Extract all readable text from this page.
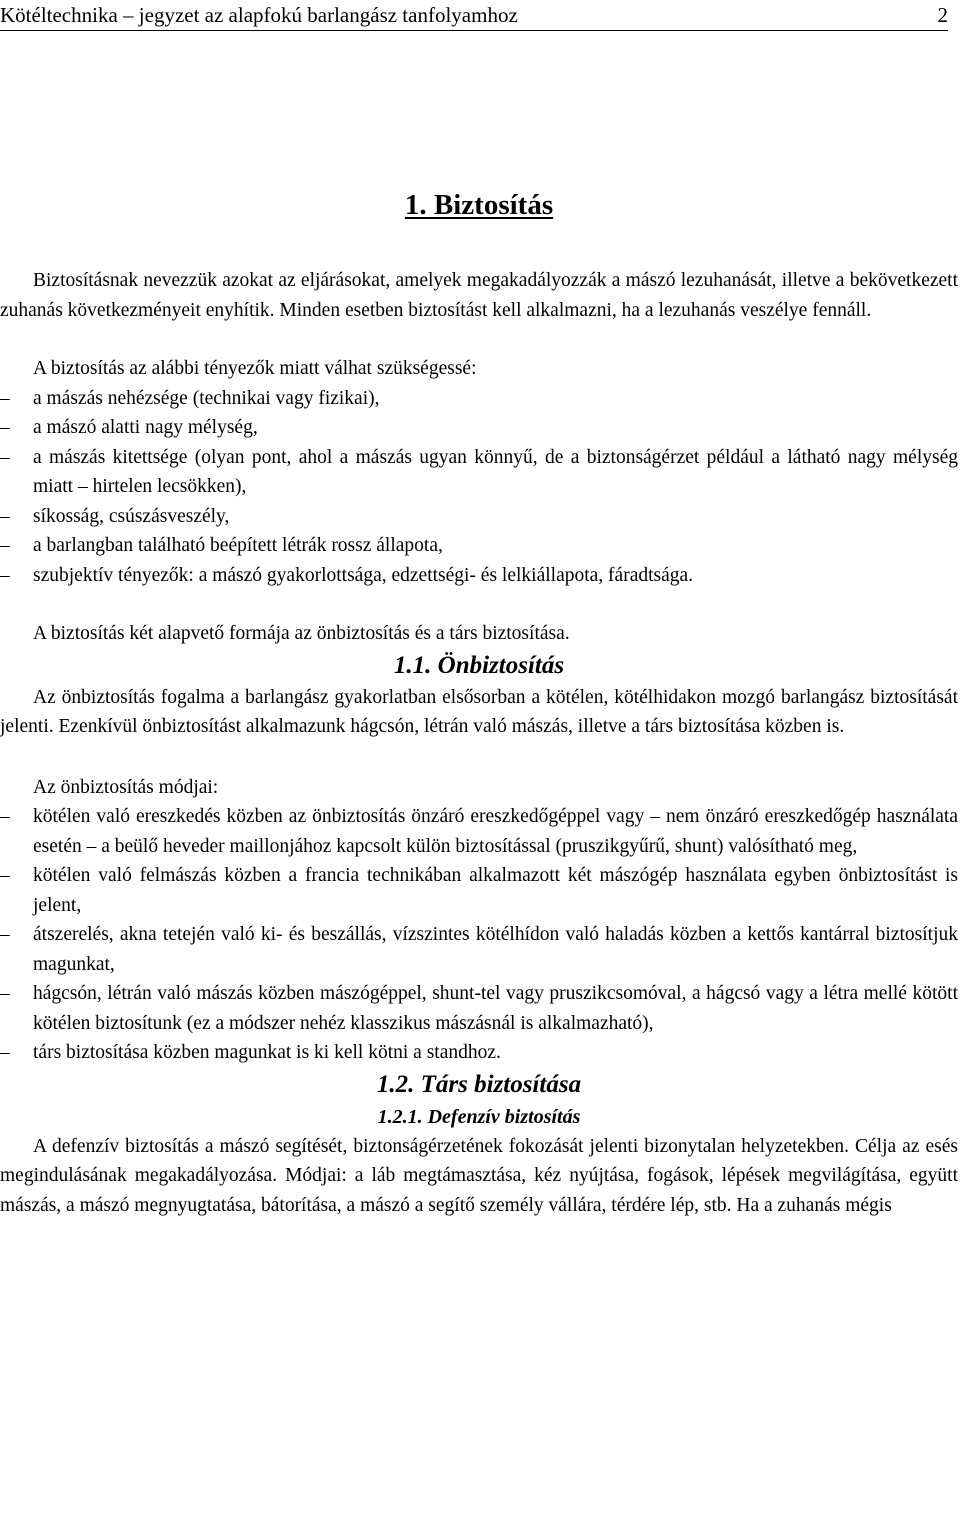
Kötéltechnika – jegyzet az alapfokú barlangász tanfolyamhoz	2
1. Biztosítás

Biztosításnak nevezzük azokat az eljárásokat, amelyek megakadályozzák a mászó lezuhanását, illetve a bekövetkezett zuhanás következményeit enyhítik. Minden esetben biztosítást kell alkalmazni, ha a lezuhanás veszélye fennáll.

A biztosítás az alábbi tényezők miatt válhat szükségessé:

– a mászás nehézsége (technikai vagy fizikai),
– a mászó alatti nagy mélység,
– a mászás kitettsége (olyan pont, ahol a mászás ugyan könnyű, de a biztonságérzet például a látható nagy mélység miatt – hirtelen lecsökken),
– síkosság, csúszásveszély,
– a barlangban található beépített létrák rossz állapota,
– szubjektív tényezők: a mászó gyakorlottsága, edzettségi- és lelkiállapota, fáradtsága.

A biztosítás két alapvető formája az önbiztosítás és a társ biztosítása.

1.1. Önbiztosítás

Az önbiztosítás fogalma a barlangász gyakorlatban elsősorban a kötélen, kötélhidakon mozgó barlangász biztosítását jelenti. Ezenkívül önbiztosítást alkalmazunk hágcsón, létrán való mászás, illetve a társ biztosítása közben is.

Az önbiztosítás módjai:

– kötélen való ereszkedés közben az önbiztosítás önzáró ereszkedőgéppel vagy – nem önzáró ereszkedőgép használata esetén – a beülő heveder maillonjához kapcsolt külön biztosítással (pruszikgyűrű, shunt) valósítható meg,
– kötélen való felmászás közben a francia technikában alkalmazott két mászógép használata egyben önbiztosítást is jelent,
– átszerelés, akna tetején való ki- és beszállás, vízszintes kötélhídon való haladás közben a kettős kantárral biztosítjuk magunkat,
– hágcsón, létrán való mászás közben mászógéppel, shunt-tel vagy pruszikcsomóval, a hágcsó vagy a létra mellé kötött kötélen biztosítunk (ez a módszer nehéz klasszikus mászásnál is alkalmazható),
– társ biztosítása közben magunkat is ki kell kötni a standhoz.
1.2. Társ biztosítása
1.2.1. Defenzív biztosítás

A defenzív biztosítás a mászó segítését, biztonságérzetének fokozását jelenti bizonytalan helyzetekben. Célja az esés megindulásának megakadályozása. Módjai: a láb megtámasztása, kéz nyújtása, fogások, lépések megvilágítása, együtt mászás, a mászó megnyugtatása, bátorítása, a mászó a segítő személy vállára, térdére lép, stb. Ha a zuhanás mégis
